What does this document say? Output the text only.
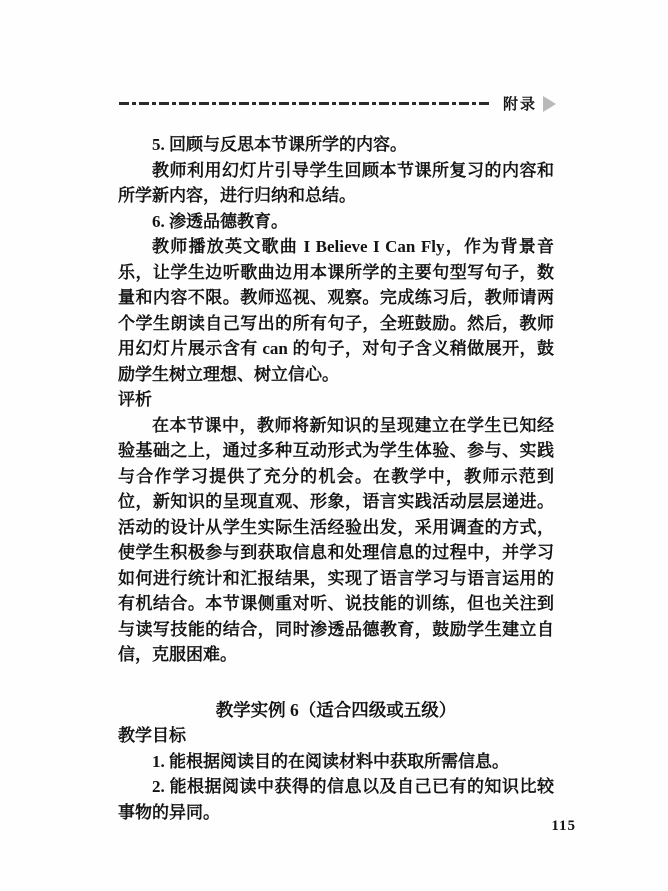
附录

5. 回顾与反思本节课所学的内容。

教师利用幻灯片引导学生回顾本节课所复习的内容和所学新内容，进行归纳和总结。

6. 渗透品德教育。

教师播放英文歌曲 I Believe I Can Fly，作为背景音乐，让学生边听歌曲边用本课所学的主要句型写句子，数量和内容不限。教师巡视、观察。完成练习后，教师请两个学生朗读自己写出的所有句子，全班鼓励。然后，教师用幻灯片展示含有 can 的句子，对句子含义稍做展开，鼓励学生树立理想、树立信心。

评析

在本节课中，教师将新知识的呈现建立在学生已知经验基础之上，通过多种互动形式为学生体验、参与、实践与合作学习提供了充分的机会。在教学中，教师示范到位，新知识的呈现直观、形象，语言实践活动层层递进。活动的设计从学生实际生活经验出发，采用调查的方式，使学生积极参与到获取信息和处理信息的过程中，并学习如何进行统计和汇报结果，实现了语言学习与语言运用的有机结合。本节课侧重对听、说技能的训练，但也关注到与读写技能的结合，同时渗透品德教育，鼓励学生建立自信，克服困难。

教学实例 6（适合四级或五级）

教学目标

1. 能根据阅读目的在阅读材料中获取所需信息。

2. 能根据阅读中获得的信息以及自己已有的知识比较事物的异同。

115
